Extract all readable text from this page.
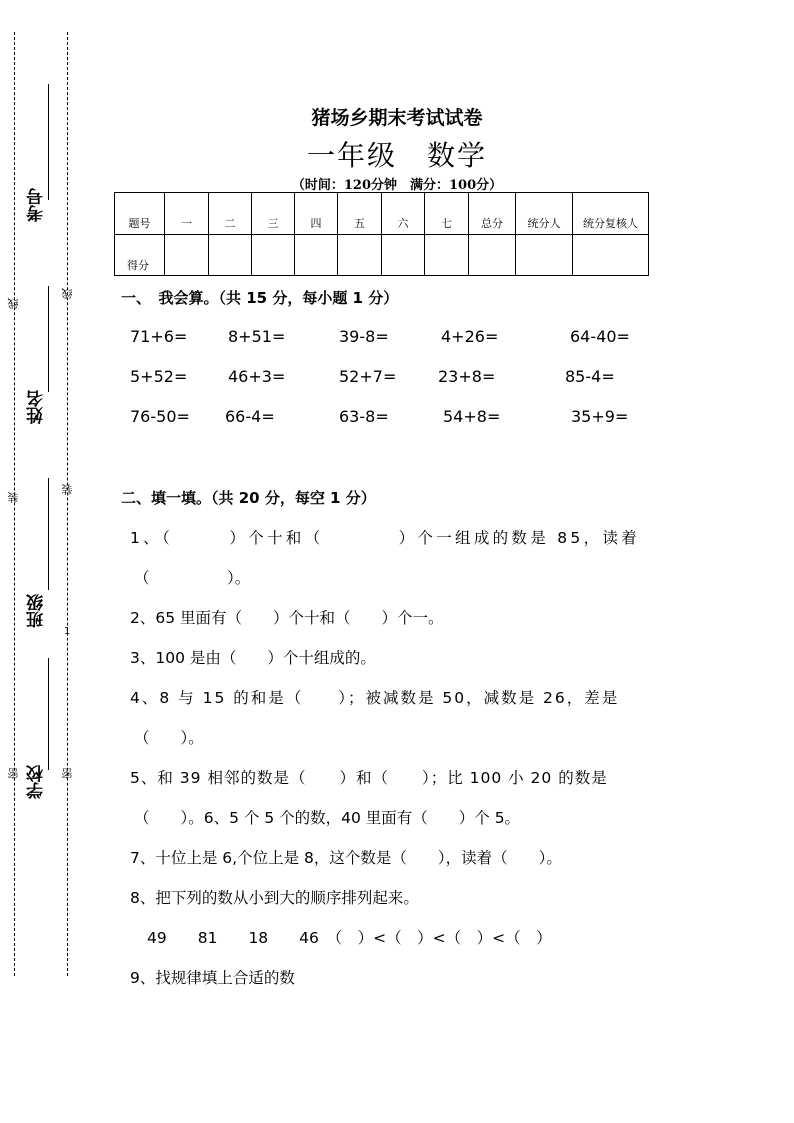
考号
姓名
班级
学校
线
线
装
装
密	密
1
猪场乡期末考试试卷
一年级　数学
（时间：120分钟　满分：100分）
题号	一	二	三	四	五	六	七	总分	统分人	统分复核人
得分										
一、　我会算。（共 15 分，每小题 1 分）
71+6=	8+51=	39-8=	4+26=	64-40=
5+52=	46+3=	52+7=	23+8=	85-4=
76-50= 66-4=	63-8=	54+8=	35+9=
二、填一填。（共 20 分，每空 1 分）
1、（　　　）个十和（　　　　）个一组成的数是 85，读着
（　　　　　）。
2、65 里面有（　　）个十和（　　）个一。
3、100 是由（　　）个十组成的。
4、8 与 15 的和是（　　）；被减数是 50，减数是 26，差是
（　　）。
5、和 39 相邻的数是（　　）和（　　）；比 100 小 20 的数是
（　　）。6、5 个 5 个的数，40 里面有（　　）个 5。
7、十位上是 6,个位上是 8，这个数是（　　），读着（　　）。
8、把下列的数从小到大的顺序排列起来。
49　　81　　18　　46　（　）<（　）<（　）<（　）
9、找规律填上合适的数
